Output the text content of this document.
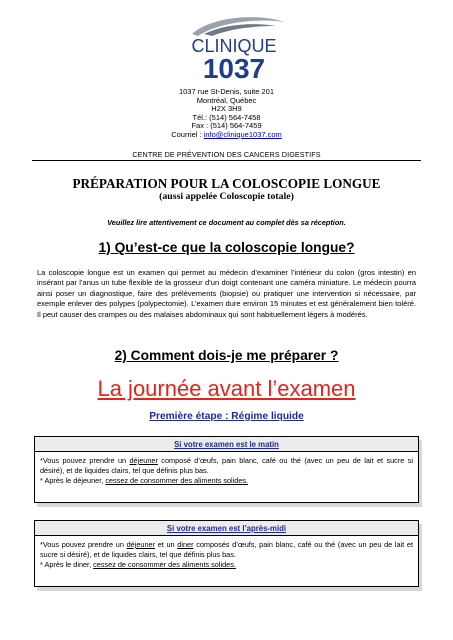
CLINIQUE
1037
1037 rue St-Denis, suite 201
Montréal, Québec
H2X 3H9
Tél.: (514) 564-7458
Fax : (514) 564-7459
Courriel : info@clinique1037.com
CENTRE DE PRÉVENTION DES CANCERS DIGESTIFS
PRÉPARATION POUR LA COLOSCOPIE LONGUE
(aussi appelée Coloscopie totale)
Veuillez lire attentivement ce document au complet dès sa réception.
1) Qu’est-ce que la coloscopie longue?
La coloscopie longue est un examen qui permet au médecin d’examiner l’intérieur du colon (gros intestin) en insérant par l’anus un tube flexible de la grosseur d’un doigt contenant une caméra miniature. Le médecin pourra ainsi poser un diagnostique, faire des prélèvements (biopsie) ou pratiquer une intervention si nécessaire, par exemple enlever des polypes (polypectomie). L’examen dure environ 15 minutes et est généralement bien toléré. Il peut causer des crampes ou des malaises abdominaux qui sont habituellement légers à modérés.
2) Comment dois-je me préparer ?
La journée avant l’examen
Première étape : Régime liquide
Si votre examen est le matin
*Vous pouvez prendre un déjeuner composé d’œufs, pain blanc, café ou thé (avec un peu de lait et sucre si désiré), et de liquides clairs, tel que définis plus bas.
* Après le déjeuner, cessez de consommer des aliments solides.
Si votre examen est l’après-midi
*Vous pouvez prendre un déjeuner et un diner composés d’œufs, pain blanc, café ou thé (avec un peu de lait et sucre si désiré), et de liquides clairs, tel que définis plus bas.
* Après le diner, cessez de consommer des aliments solides.
